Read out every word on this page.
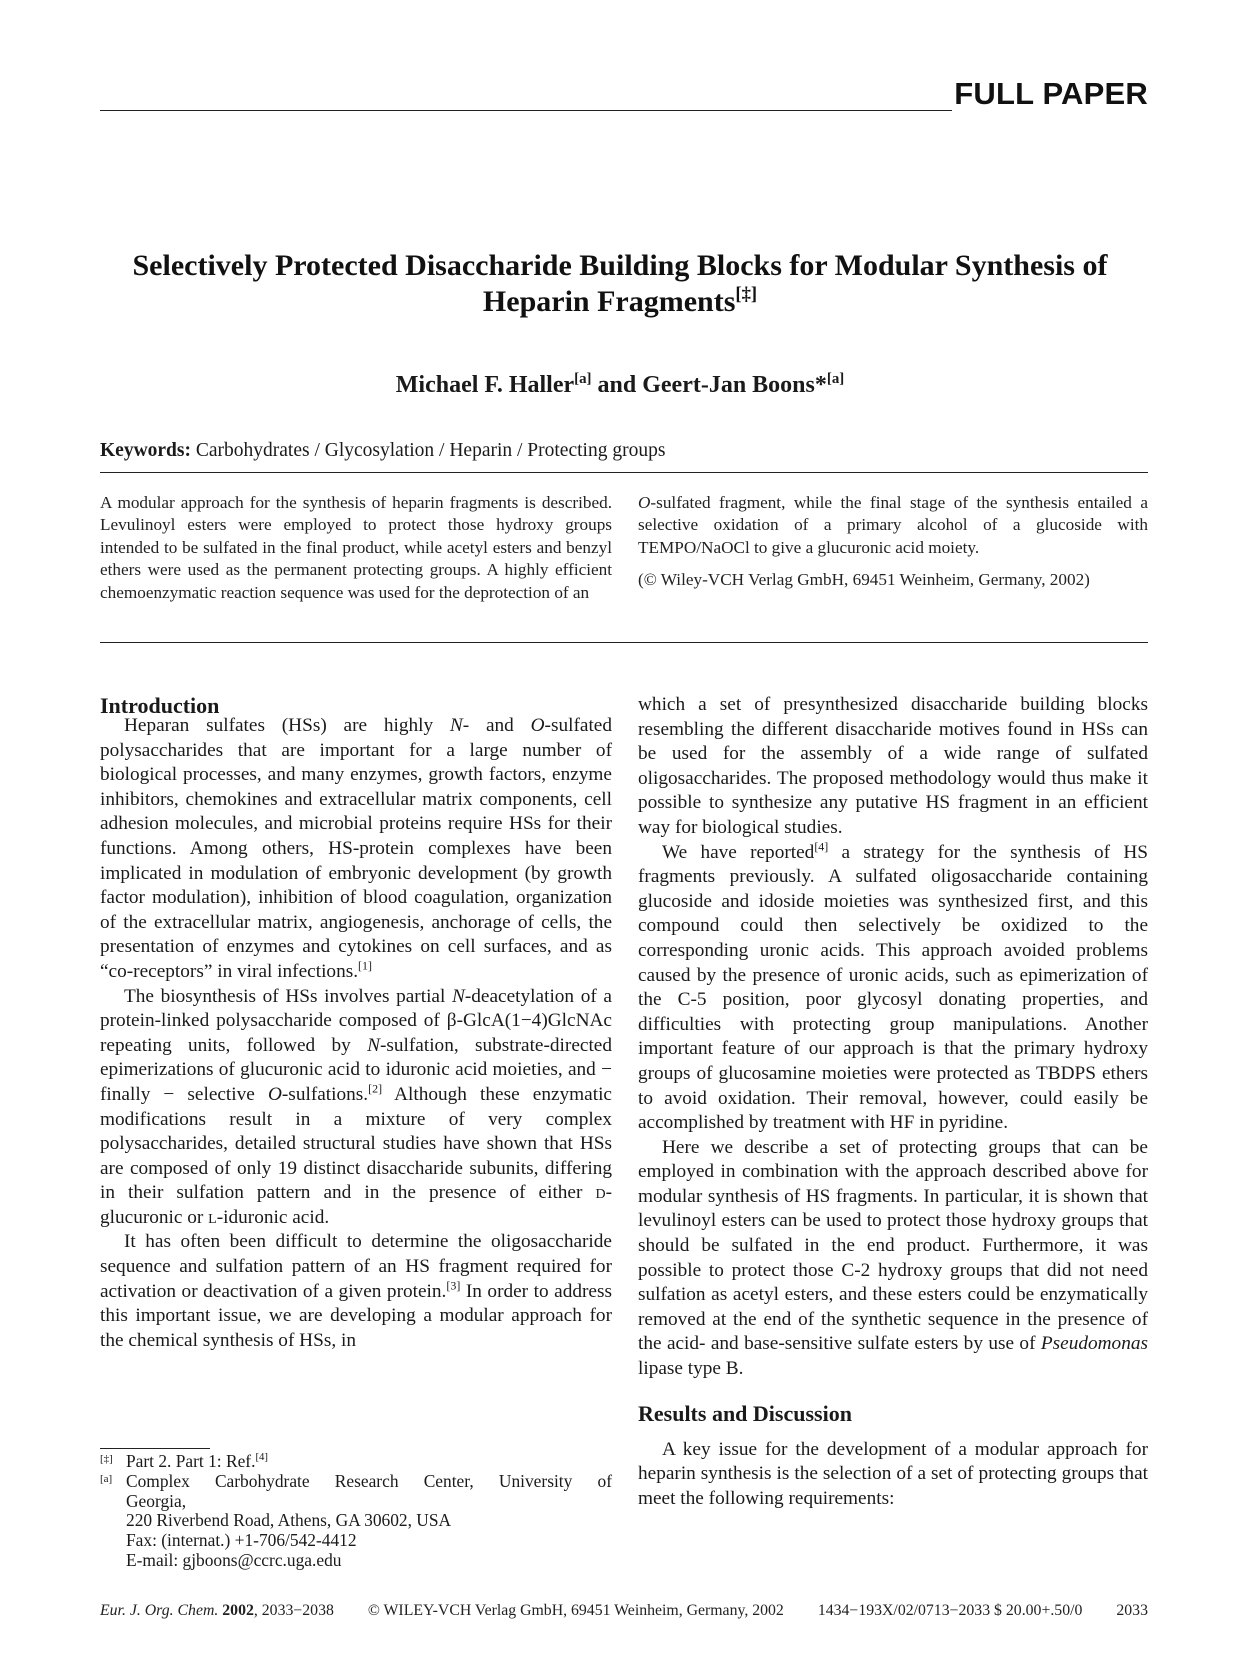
FULL PAPER
Selectively Protected Disaccharide Building Blocks for Modular Synthesis of
Heparin Fragments[‡]
Michael F. Haller[a] and Geert-Jan Boons*[a]
Keywords: Carbohydrates / Glycosylation / Heparin / Protecting groups
A modular approach for the synthesis of heparin fragments is described. Levulinoyl esters were employed to protect those hydroxy groups intended to be sulfated in the final product, while acetyl esters and benzyl ethers were used as the permanent protecting groups. A highly efficient chemoenzymatic reaction sequence was used for the deprotection of an

O-sulfated fragment, while the final stage of the synthesis entailed a selective oxidation of a primary alcohol of a glucoside with TEMPO/NaOCl to give a glucuronic acid moiety.

(© Wiley-VCH Verlag GmbH, 69451 Weinheim, Germany, 2002)

Introduction

Heparan sulfates (HSs) are highly N- and O-sulfated polysaccharides that are important for a large number of biological processes, and many enzymes, growth factors, enzyme inhibitors, chemokines and extracellular matrix components, cell adhesion molecules, and microbial proteins require HSs for their functions. Among others, HS-protein complexes have been implicated in modulation of embryonic development (by growth factor modulation), inhibition of blood coagulation, organization of the extracellular matrix, angiogenesis, anchorage of cells, the presentation of enzymes and cytokines on cell surfaces, and as “co-receptors” in viral infections.[1]

The biosynthesis of HSs involves partial N-deacetylation of a protein-linked polysaccharide composed of β-GlcA(1−4)GlcNAc repeating units, followed by N-sulfation, substrate-directed epimerizations of glucuronic acid to iduronic acid moieties, and − finally − selective O-sulfations.[2] Although these enzymatic modifications result in a mixture of very complex polysaccharides, detailed structural studies have shown that HSs are composed of only 19 distinct disaccharide subunits, differing in their sulfation pattern and in the presence of either d-glucuronic or l-iduronic acid.

It has often been difficult to determine the oligosaccharide sequence and sulfation pattern of an HS fragment required for activation or deactivation of a given protein.[3] In order to address this important issue, we are developing a modular approach for the chemical synthesis of HSs, in

which a set of presynthesized disaccharide building blocks resembling the different disaccharide motives found in HSs can be used for the assembly of a wide range of sulfated oligosaccharides. The proposed methodology would thus make it possible to synthesize any putative HS fragment in an efficient way for biological studies.

We have reported[4] a strategy for the synthesis of HS fragments previously. A sulfated oligosaccharide containing glucoside and idoside moieties was synthesized first, and this compound could then selectively be oxidized to the corresponding uronic acids. This approach avoided problems caused by the presence of uronic acids, such as epimerization of the C-5 position, poor glycosyl donating properties, and difficulties with protecting group manipulations. Another important feature of our approach is that the primary hydroxy groups of glucosamine moieties were protected as TBDPS ethers to avoid oxidation. Their removal, however, could easily be accomplished by treatment with HF in pyridine.

Here we describe a set of protecting groups that can be employed in combination with the approach described above for modular synthesis of HS fragments. In particular, it is shown that levulinoyl esters can be used to protect those hydroxy groups that should be sulfated in the end product. Furthermore, it was possible to protect those C-2 hydroxy groups that did not need sulfation as acetyl esters, and these esters could be enzymatically removed at the end of the synthetic sequence in the presence of the acid- and base-sensitive sulfate esters by use of Pseudomonas lipase type B.

Results and Discussion

A key issue for the development of a modular approach for heparin synthesis is the selection of a set of protecting groups that meet the following requirements:

[‡] Part 2. Part 1: Ref.[4]
[a] Complex Carbohydrate Research Center, University of
Georgia,
220 Riverbend Road, Athens, GA 30602, USA
Fax: (internat.) +1-706/542-4412
E-mail: gjboons@ccrc.uga.edu
Eur. J. Org. Chem. 2002, 2033−2038 © WILEY-VCH Verlag GmbH, 69451 Weinheim, Germany, 2002 1434−193X/02/0713−2033 $ 20.00+.50/0 2033
